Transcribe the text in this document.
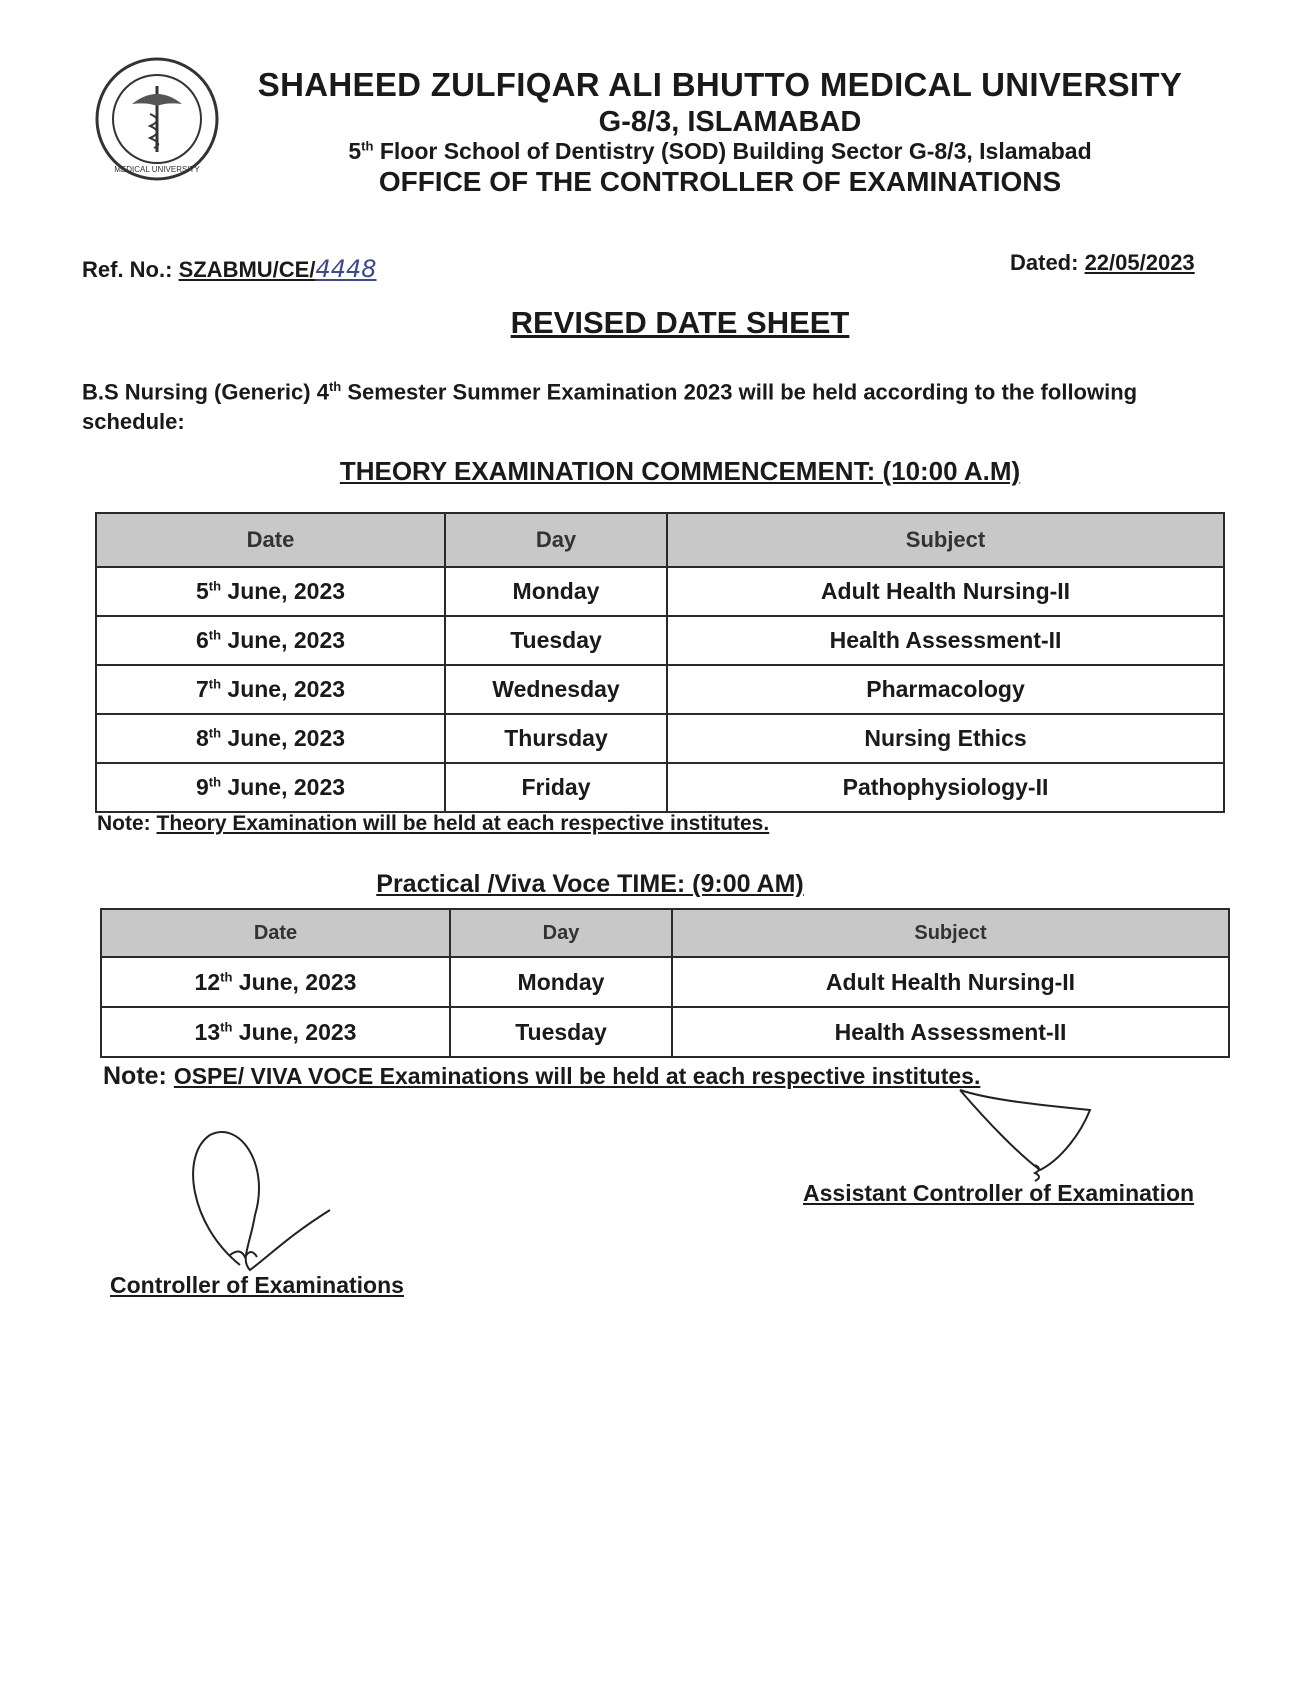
MEDICAL UNIVERSITY
SHAHEED ZULFIQAR ALI BHUTTO MEDICAL UNIVERSITY
G-8/3, ISLAMABAD
5th Floor School of Dentistry (SOD) Building Sector G-8/3, Islamabad
OFFICE OF THE CONTROLLER OF EXAMINATIONS
Ref. No.: SZABMU/CE/4448	Dated: 22/05/2023
REVISED DATE SHEET
B.S Nursing (Generic) 4th Semester Summer Examination 2023 will be held according to the following schedule:
THEORY EXAMINATION COMMENCEMENT: (10:00 A.M)
Date	Day	Subject
5th June, 2023	Monday	Adult Health Nursing-II
6th June, 2023	Tuesday	Health Assessment-II
7th June, 2023	Wednesday	Pharmacology
8th June, 2023	Thursday	Nursing Ethics
9th June, 2023	Friday	Pathophysiology-II
Note: Theory Examination will be held at each respective institutes.
Practical /Viva Voce TIME: (9:00 AM)
Date	Day	Subject
12th June, 2023	Monday	Adult Health Nursing-II
13th June, 2023	Tuesday	Health Assessment-II
Note: OSPE/ VIVA VOCE Examinations will be held at each respective institutes.
Controller of Examinations
Assistant Controller of Examination
